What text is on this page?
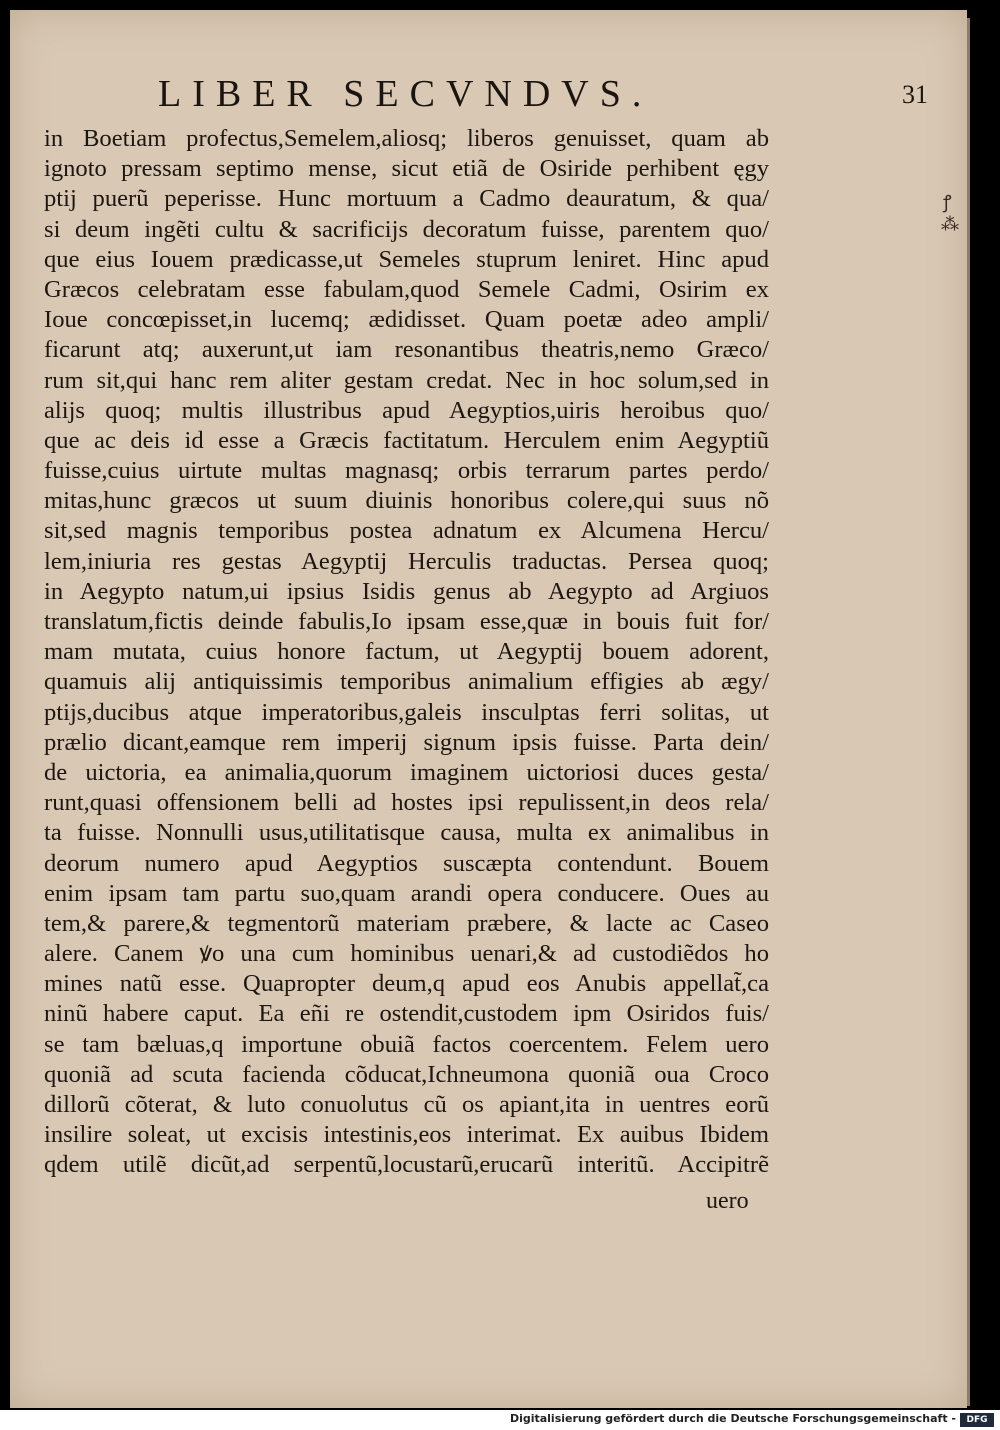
LIBER SECVNDVS.	31
in Boetiam profectus,Semelem,aliosq; liberos genuisset, quam ab
ignoto pressam septimo mense, sicut etiã de Osiride perhibent ęgy
ptij puerũ peperisse. Hunc mortuum a Cadmo deauratum, & qua/
si deum ingẽti cultu & sacrificijs decoratum fuisse, parentem quo/
que eius Iouem prædicasse,ut Semeles stuprum leniret. Hinc apud
Græcos celebratam esse fabulam,quod Semele Cadmi, Osirim ex
Ioue concœpisset,in lucemq; ædidisset. Quam poetæ adeo ampli/
ficarunt atq; auxerunt,ut iam resonantibus theatris,nemo Græco/
rum sit,qui hanc rem aliter gestam credat. Nec in hoc solum,sed in
alijs quoq; multis illustribus apud Aegyptios,uiris heroibus quo/
que ac deis id esse a Græcis factitatum. Herculem enim Aegyptiũ
fuisse,cuius uirtute multas magnasq; orbis terrarum partes perdo/
mitas,hunc græcos ut suum diuinis honoribus colere,qui suus nõ
sit,sed magnis temporibus postea adnatum ex Alcumena Hercu/
lem,iniuria res gestas Aegyptij Herculis traductas. Persea quoq;
in Aegypto natum,ui ipsius Isidis genus ab Aegypto ad Argiuos
translatum,fictis deinde fabulis,Io ipsam esse,quæ in bouis fuit for/
mam mutata, cuius honore factum, ut Aegyptij bouem adorent,
quamuis alij antiquissimis temporibus animalium effigies ab ægy/
ptijs,ducibus atque imperatoribus,galeis insculptas ferri solitas, ut
prælio dicant,eamque rem imperij signum ipsis fuisse. Parta dein/
de uictoria, ea animalia,quorum imaginem uictoriosi duces gesta/
runt,quasi offensionem belli ad hostes ipsi repulissent,in deos rela/
ta fuisse. Nonnulli usus,utilitatisque causa, multa ex animalibus in
deorum numero apud Aegyptios suscæpta contendunt. Bouem
enim ipsam tam partu suo,quam arandi opera conducere. Oues au
tem,& parere,& tegmentorũ materiam præbere, & lacte ac Caseo
alere. Canem ꝟo una cum hominibus uenari,& ad custodiẽdos ho
mines natũ esse. Quapropter deum,q apud eos Anubis appellat̃,ca
ninũ habere caput. Ea eñi re ostendit,custodem ipm Osiridos fuis/
se tam bæluas,q importune obuiã factos coercentem. Felem uero
quoniã ad scuta facienda cõducat,Ichneumona quoniã oua Croco
dillorũ cõterat, & luto conuolutus cũ os apiant,ita in uentres eorũ
insilire soleat, ut excisis intestinis,eos interimat. Ex auibus Ibidem
qdem utilẽ dicũt,ad serpentũ,locustarũ,erucarũ interitũ. Accipitrẽ
uero
ꝭ
⁂
Digitalisierung gefördert durch die Deutsche Forschungsgemeinschaft -	DFG
